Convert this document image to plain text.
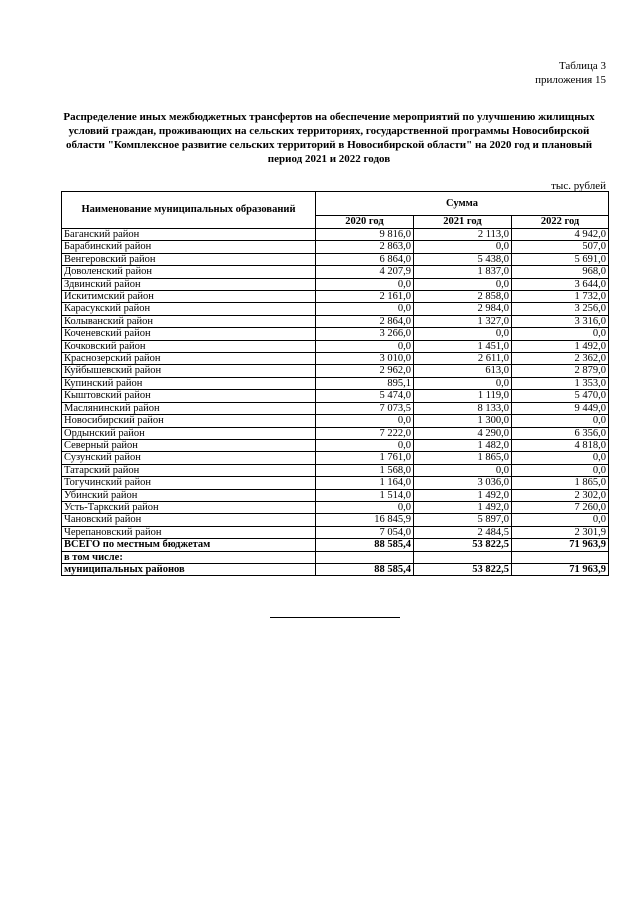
Таблица 3
приложения 15
Распределение иных межбюджетных трансфертов на обеспечение мероприятий по улучшению жилищных условий граждан, проживающих на сельских территориях, государственной программы Новосибирской области "Комплексное развитие сельских территорий в Новосибирской области" на 2020 год и плановый период 2021 и 2022 годов
тыс. рублей
Наименование муниципальных образований	Сумма		
	2020 год	2021 год	2022 год
Баганский район	9 816,0	2 113,0	4 942,0
Барабинский район	2 863,0	0,0	507,0
Венгеровский район	6 864,0	5 438,0	5 691,0
Доволенский район	4 207,9	1 837,0	968,0
Здвинский район	0,0	0,0	3 644,0
Искитимский район	2 161,0	2 858,0	1 732,0
Карасукский район	0,0	2 984,0	3 256,0
Колыванский район	2 864,0	1 327,0	3 316,0
Коченевский район	3 266,0	0,0	0,0
Кочковский район	0,0	1 451,0	1 492,0
Краснозерский район	3 010,0	2 611,0	2 362,0
Куйбышевский район	2 962,0	613,0	2 879,0
Купинский район	895,1	0,0	1 353,0
Кыштовский район	5 474,0	1 119,0	5 470,0
Маслянинский район	7 073,5	8 133,0	9 449,0
Новосибирский район	0,0	1 300,0	0,0
Ордынский район	7 222,0	4 290,0	6 356,0
Северный район	0,0	1 482,0	4 818,0
Сузунский район	1 761,0	1 865,0	0,0
Татарский район	1 568,0	0,0	0,0
Тогучинский район	1 164,0	3 036,0	1 865,0
Убинский район	1 514,0	1 492,0	2 302,0
Усть-Таркский район	0,0	1 492,0	7 260,0
Чановский район	16 845,9	5 897,0	0,0
Черепановский район	7 054,0	2 484,5	2 301,9
ВСЕГО по местным бюджетам	88 585,4	53 822,5	71 963,9
в том числе:			
муниципальных районов	88 585,4	53 822,5	71 963,9
